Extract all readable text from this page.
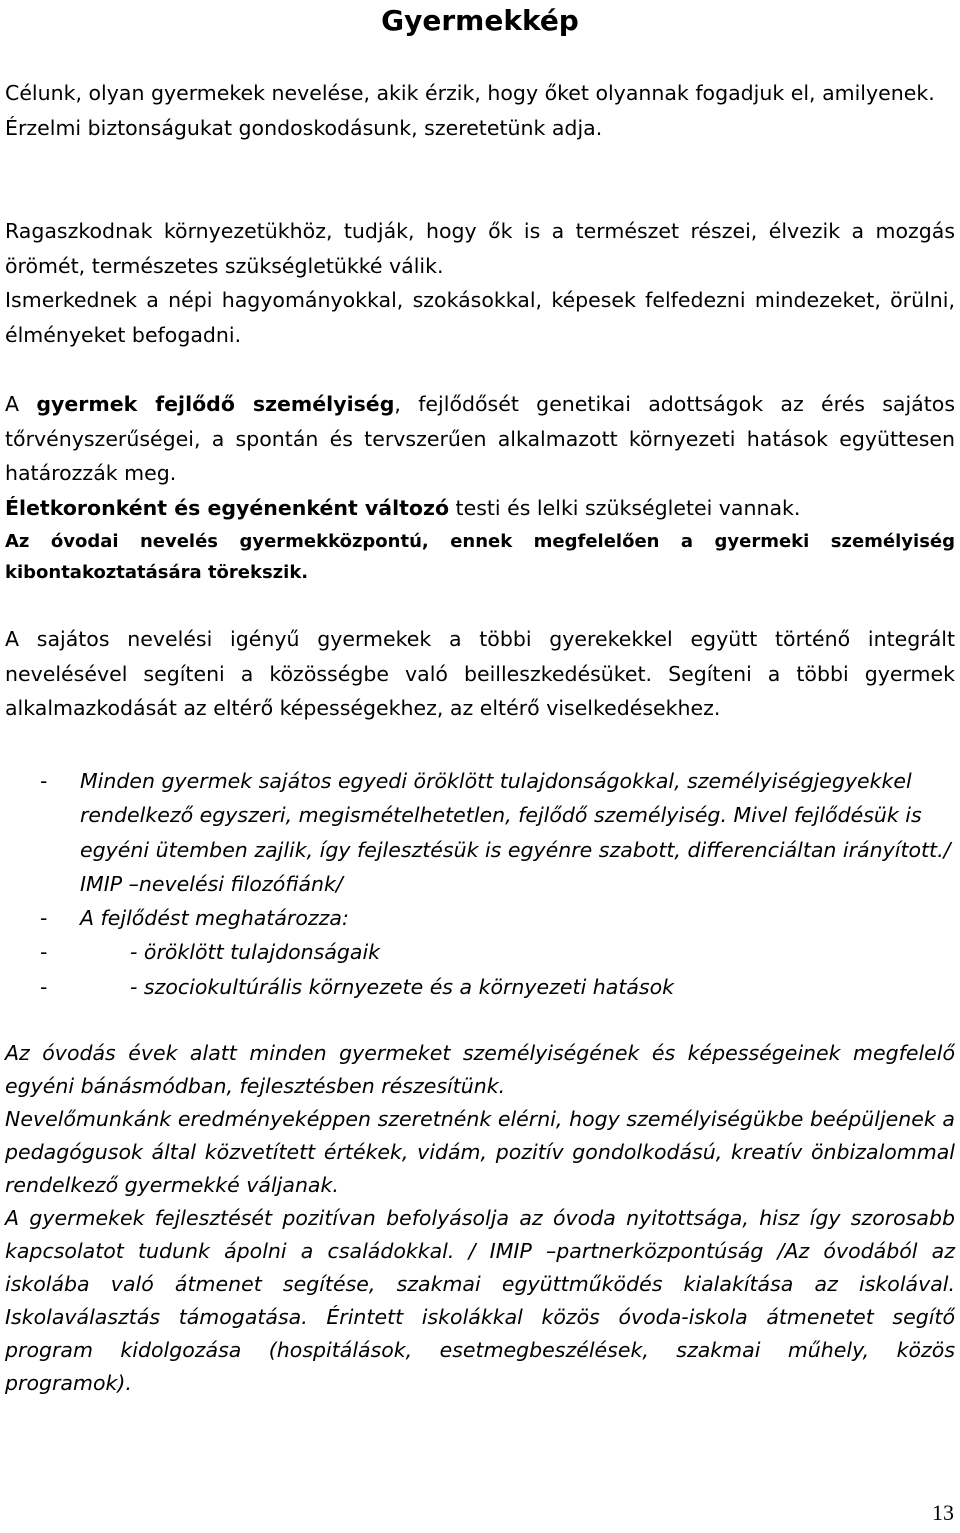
Gyermekkép

Célunk, olyan gyermekek nevelése, akik érzik, hogy őket olyannak fogadjuk el, amilyenek.
Érzelmi biztonságukat gondoskodásunk, szeretetünk adja.

Ragaszkodnak környezetükhöz, tudják, hogy ők is a természet részei, élvezik a mozgás örömét, természetes szükségletükké válik.
Ismerkednek a népi hagyományokkal, szokásokkal, képesek felfedezni mindezeket, örülni, élményeket befogadni.

A gyermek fejlődő személyiség, fejlődősét genetikai adottságok az érés sajátos tőrvényszerűségei, a spontán és tervszerűen alkalmazott környezeti hatások együttesen határozzák meg.
Életkoronként és egyénenként változó testi és lelki szükségletei vannak.

Az óvodai nevelés gyermekközpontú, ennek megfelelően a gyermeki személyiség kibontakoztatására törekszik.

A sajátos nevelési igényű gyermekek a többi gyerekekkel együtt történő integrált nevelésével segíteni a közösségbe való beilleszkedésüket. Segíteni a többi gyermek alkalmazkodását az eltérő képességekhez, az eltérő viselkedésekhez.

- Minden gyermek sajátos egyedi öröklött tulajdonságokkal, személyiségjegyekkel rendelkező egyszeri, megismételhetetlen, fejlődő személyiség. Mivel fejlődésük is egyéni ütemben zajlik, így fejlesztésük is egyénre szabott, differenciáltan irányított./ IMIP –nevelési filozófiánk/
- A fejlődést meghatározza:
-	- öröklött tulajdonságaik
-	- szociokultúrális környezete és a környezeti hatások

Az óvodás évek alatt minden gyermeket személyiségének és képességeinek megfelelő egyéni bánásmódban, fejlesztésben részesítünk.
Nevelőmunkánk eredményeképpen szeretnénk elérni, hogy személyiségükbe beépüljenek a pedagógusok által közvetített értékek, vidám, pozitív gondolkodású, kreatív önbizalommal rendelkező gyermekké váljanak.
A gyermekek fejlesztését pozitívan befolyásolja az óvoda nyitottsága, hisz így szorosabb kapcsolatot tudunk ápolni a családokkal. / IMIP –partnerközpontúság /Az óvodából az iskolába való átmenet segítése, szakmai együttműködés kialakítása az iskolával. Iskolaválasztás támogatása. Érintett iskolákkal közös óvoda-iskola átmenetet segítő program kidolgozása (hospitálások, esetmegbeszélések, szakmai műhely, közös programok).

13
